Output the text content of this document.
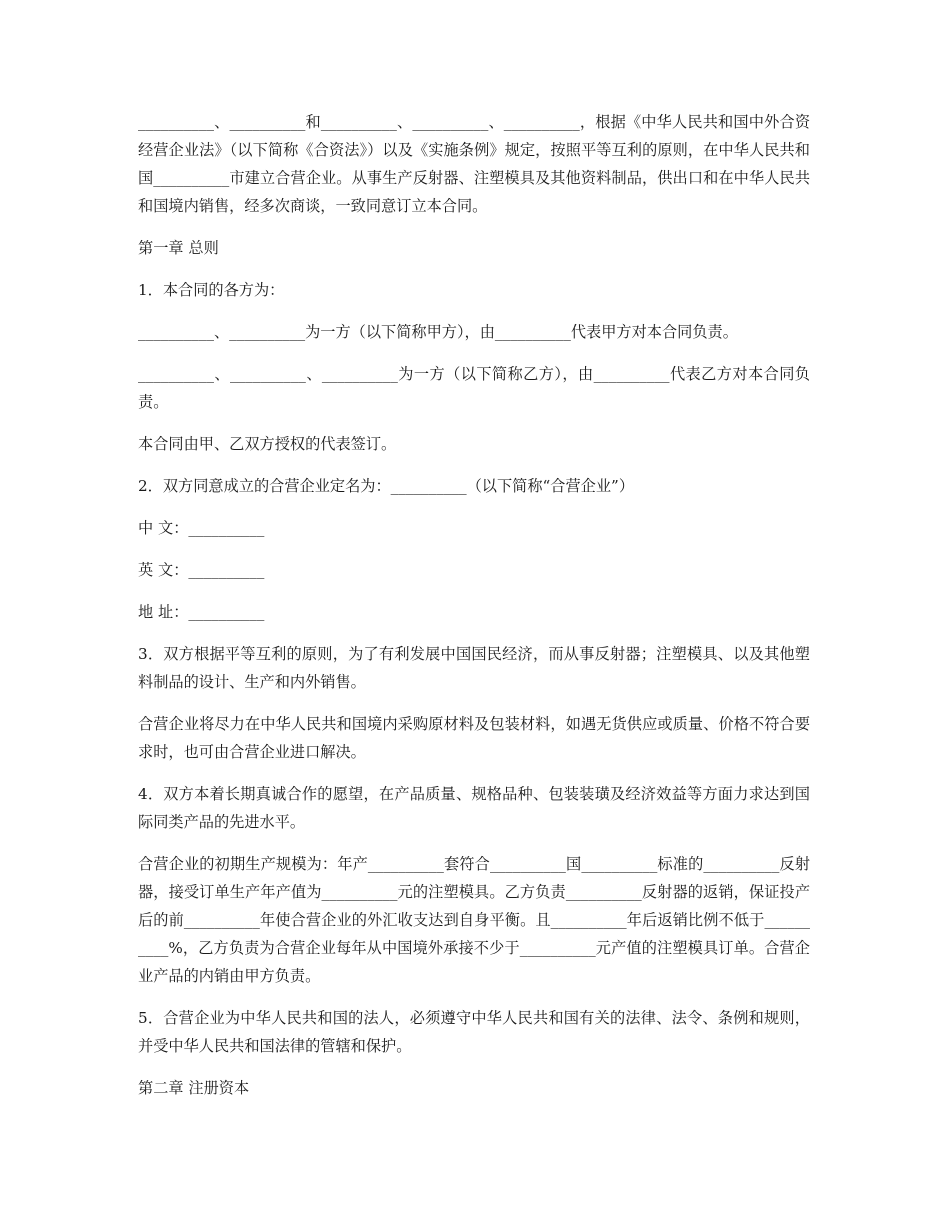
__________、__________和__________、__________、__________，根据《中华人民共和国中外合资经营企业法》（以下简称《合资法》）以及《实施条例》规定，按照平等互利的原则，在中华人民共和国__________市建立合营企业。从事生产反射器、注塑模具及其他资料制品，供出口和在中华人民共和国境内销售，经多次商谈，一致同意订立本合同。

第一章 总则

1．本合同的各方为：

__________、__________为一方（以下简称甲方），由__________代表甲方对本合同负责。

__________、__________、__________为一方（以下简称乙方），由__________代表乙方对本合同负责。

本合同由甲、乙双方授权的代表签订。

2．双方同意成立的合营企业定名为：__________（以下简称“合营企业”）

中 文：__________

英 文：__________

地 址：__________

3．双方根据平等互利的原则，为了有利发展中国国民经济，而从事反射器；注塑模具、以及其他塑料制品的设计、生产和内外销售。

合营企业将尽力在中华人民共和国境内采购原材料及包装材料，如遇无货供应或质量、价格不符合要求时，也可由合营企业进口解决。

4．双方本着长期真诚合作的愿望，在产品质量、规格品种、包装装璜及经济效益等方面力求达到国际同类产品的先进水平。

合营企业的初期生产规模为：年产__________套符合__________国__________标准的__________反射器，接受订单生产年产值为__________元的注塑模具。乙方负责__________反射器的返销，保证投产后的前__________年使合营企业的外汇收支达到自身平衡。且__________年后返销比例不低于__________%，乙方负责为合营企业每年从中国境外承接不少于__________元产值的注塑模具订单。合营企业产品的内销由甲方负责。

5．合营企业为中华人民共和国的法人，必须遵守中华人民共和国有关的法律、法令、条例和规则，并受中华人民共和国法律的管辖和保护。

第二章 注册资本
